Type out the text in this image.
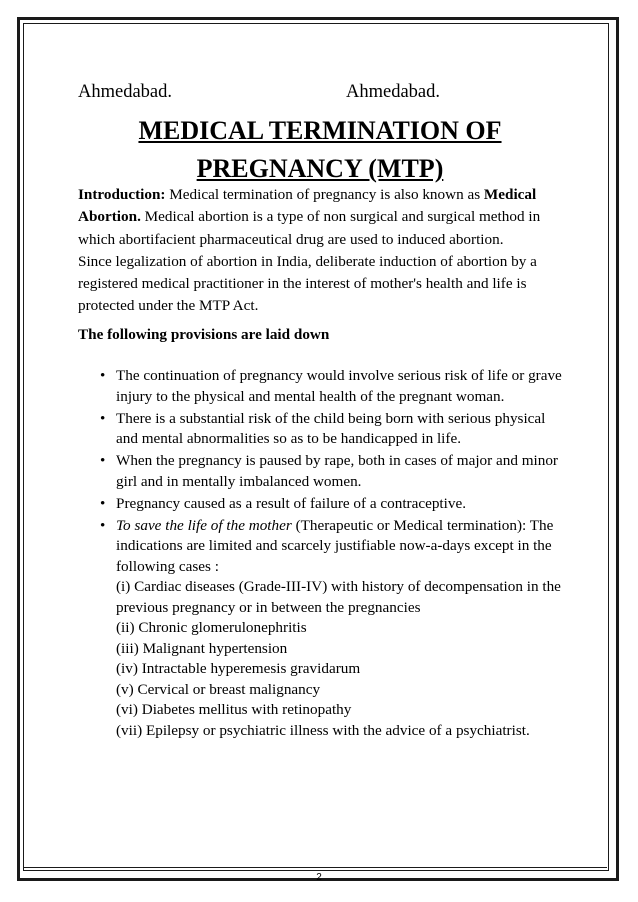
Ahmedabad.	Ahmedabad.
MEDICAL TERMINATION OF
PREGNANCY (MTP)

Introduction: Medical termination of pregnancy is also known as Medical Abortion. Medical abortion is a type of non surgical and surgical method in which abortifacient pharmaceutical drug are used to induced abortion.

Since legalization of abortion in India, deliberate induction of abortion by a registered medical practitioner in the interest of mother's health and life is protected under the MTP Act.

The following provisions are laid down
• The continuation of pregnancy would involve serious risk of life or grave injury to the physical and mental health of the pregnant woman.
• There is a substantial risk of the child being born with serious physical and mental abnormalities so as to be handicapped in life.
• When the pregnancy is paused by rape, both in cases of major and minor girl and in mentally imbalanced women.
• Pregnancy caused as a result of failure of a contraceptive.
• To save the life of the mother (Therapeutic or Medical termination): The indications are limited and scarcely justifiable now-a-days except in the following cases :
(i) Cardiac diseases (Grade-III-IV) with history of decompensation in the previous pregnancy or in between the pregnancies
(ii) Chronic glomerulonephritis
(iii) Malignant hypertension
(iv) Intractable hyperemesis gravidarum
(v) Cervical or breast malignancy
(vi) Diabetes mellitus with retinopathy
(vii) Epilepsy or psychiatric illness with the advice of a psychiatrist.
2
